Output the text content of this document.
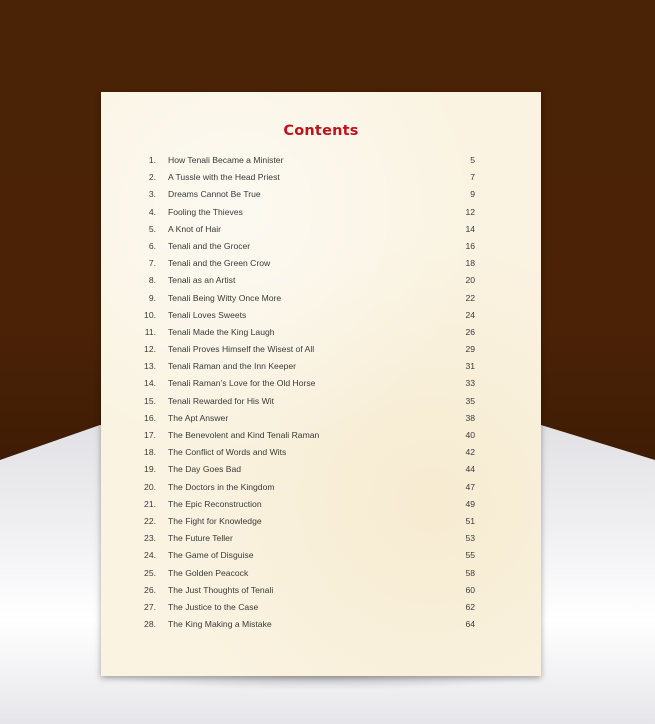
Contents
1. How Tenali Became a Minister	5
2. A Tussle with the Head Priest	7
3. Dreams Cannot Be True	9
4. Fooling the Thieves	12
5. A Knot of Hair	14
6. Tenali and the Grocer	16
7. Tenali and the Green Crow	18
8. Tenali as an Artist	20
9. Tenali Being Witty Once More	22
10. Tenali Loves Sweets	24
11. Tenali Made the King Laugh	26
12. Tenali Proves Himself the Wisest of All	29
13. Tenali Raman and the Inn Keeper	31
14. Tenali Raman’s Love for the Old Horse	33
15. Tenali Rewarded for His Wit	35
16. The Apt Answer	38
17. The Benevolent and Kind Tenali Raman	40
18. The Conflict of Words and Wits	42
19. The Day Goes Bad	44
20. The Doctors in the Kingdom	47
21. The Epic Reconstruction	49
22. The Fight for Knowledge	51
23. The Future Teller	53
24. The Game of Disguise	55
25. The Golden Peacock	58
26. The Just Thoughts of Tenali	60
27. The Justice to the Case	62
28. The King Making a Mistake	64
